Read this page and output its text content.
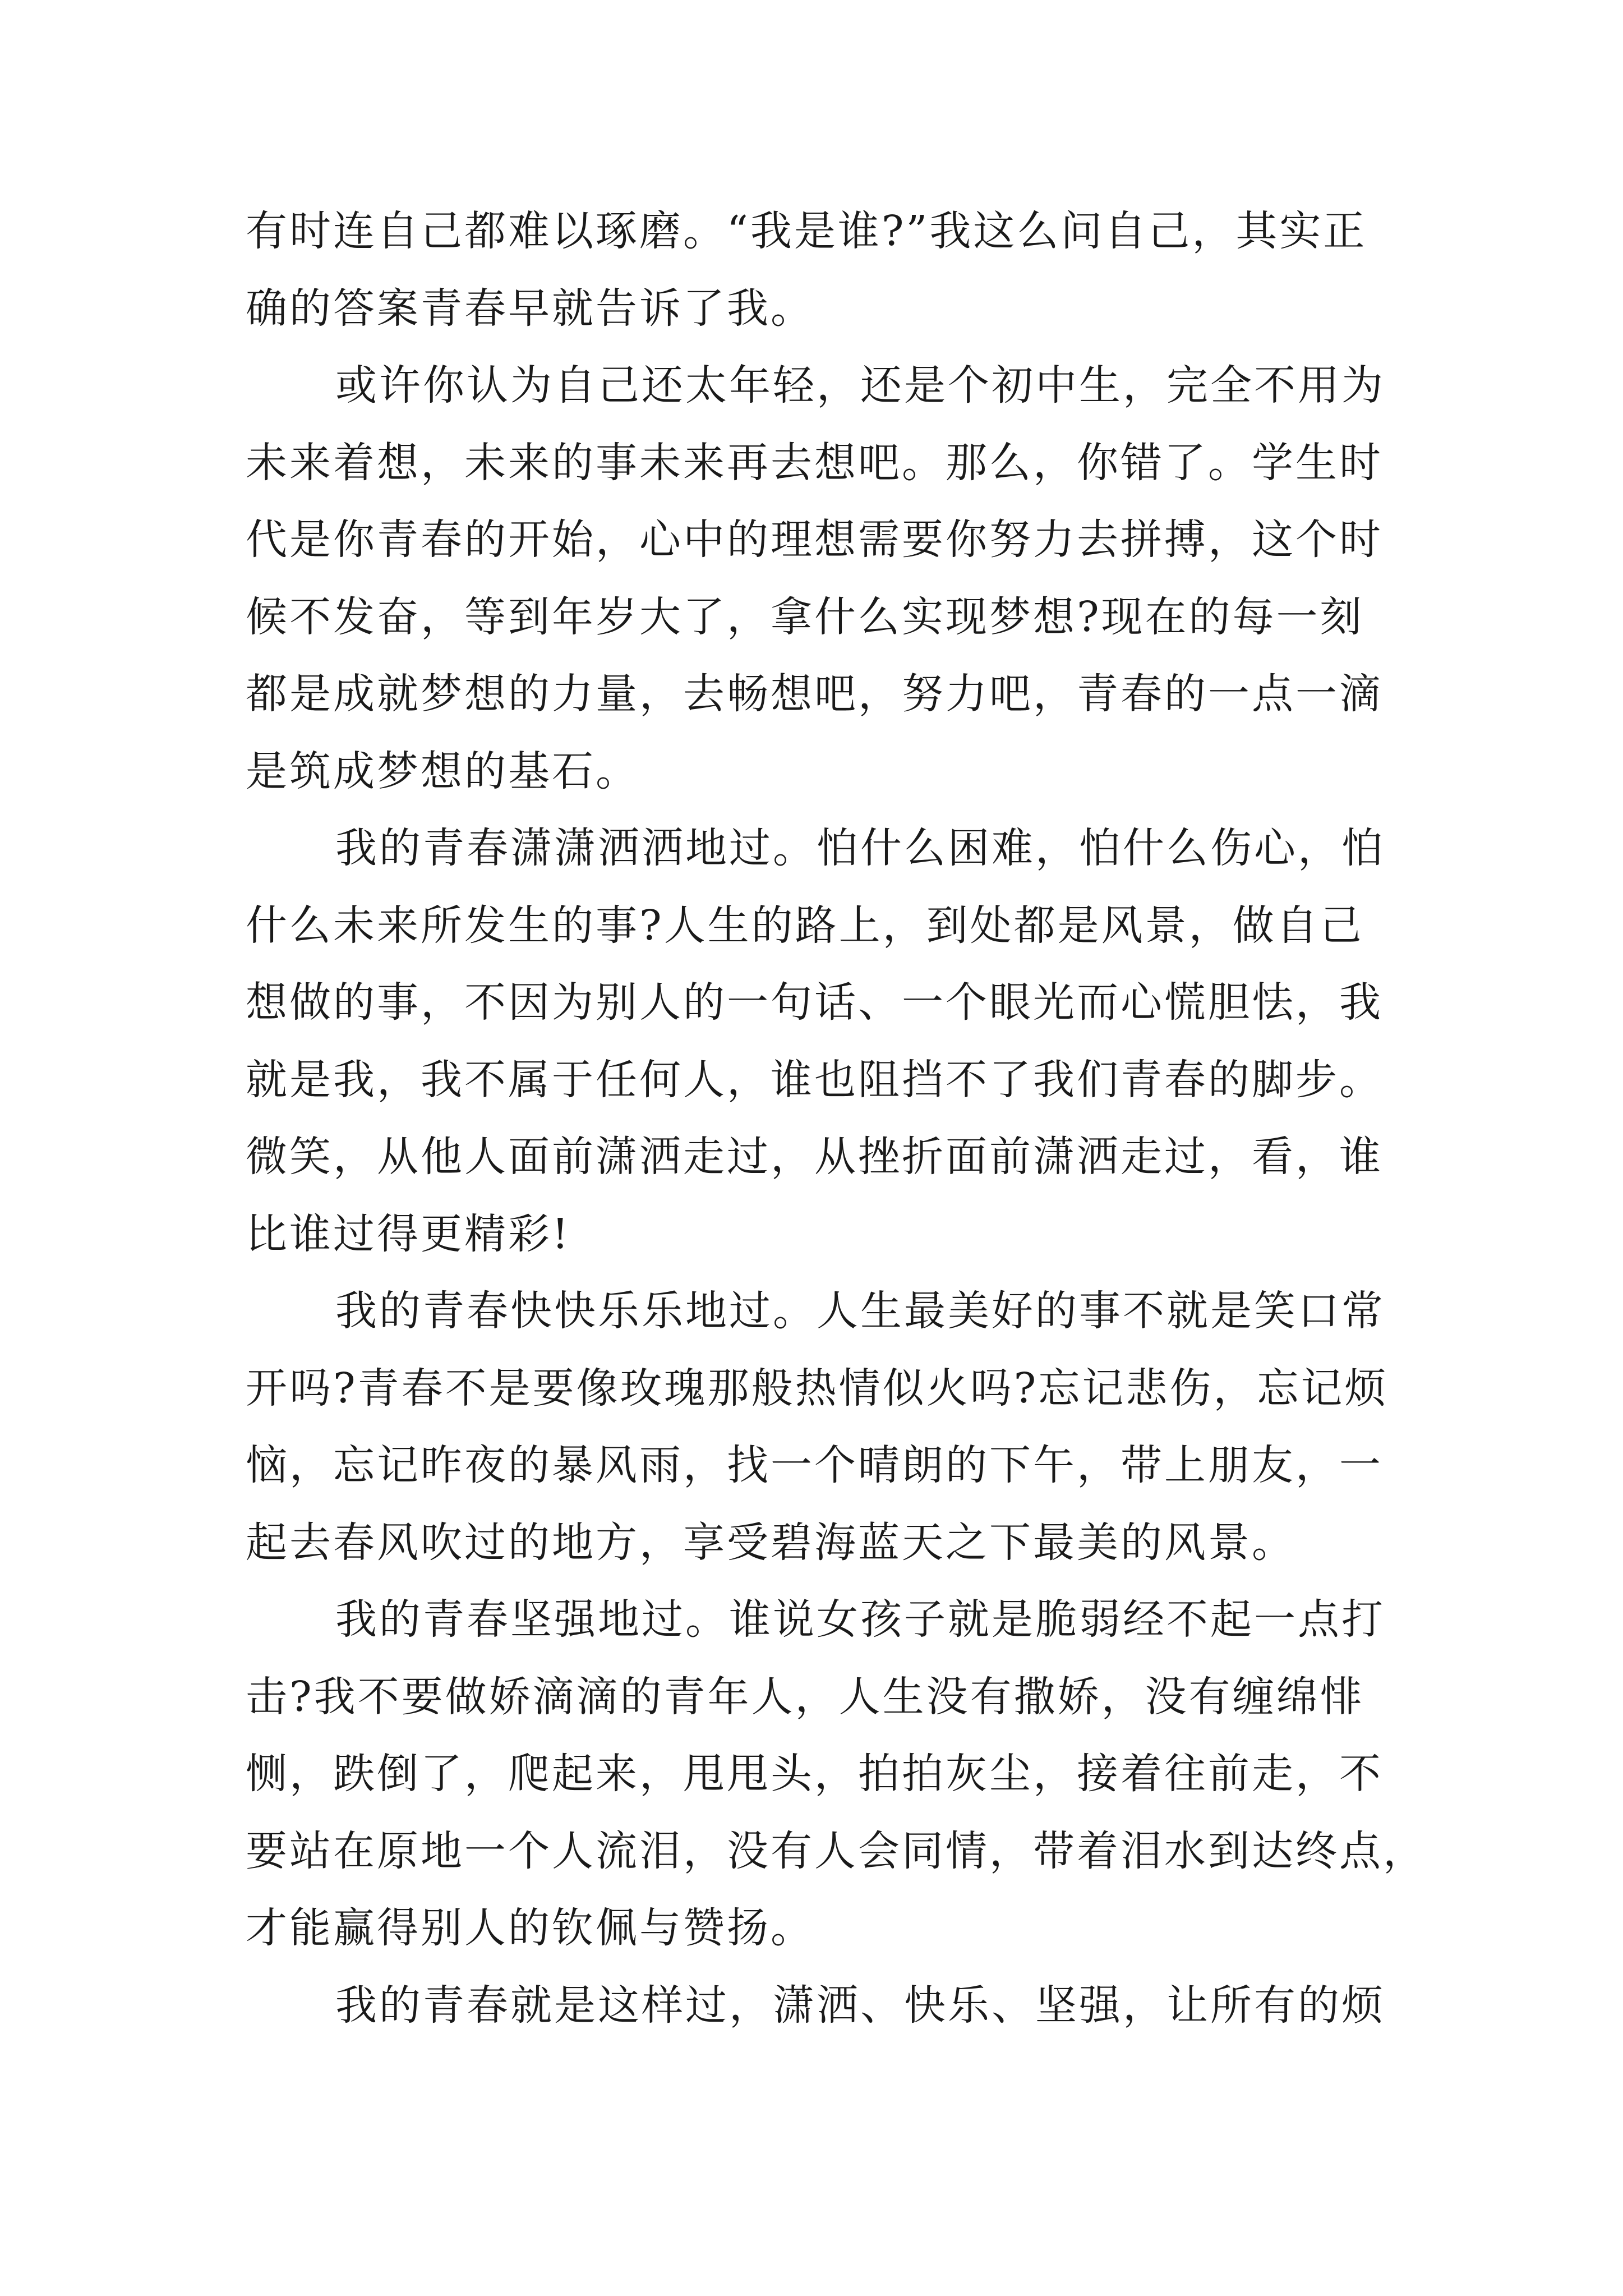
有时连自己都难以琢磨。“我是谁?”我这么问自己，其实正
确的答案青春早就告诉了我。
或许你认为自己还太年轻，还是个初中生，完全不用为
未来着想，未来的事未来再去想吧。那么，你错了。学生时
代是你青春的开始，心中的理想需要你努力去拼搏，这个时
候不发奋，等到年岁大了，拿什么实现梦想?现在的每一刻
都是成就梦想的力量，去畅想吧，努力吧，青春的一点一滴
是筑成梦想的基石。
我的青春潇潇洒洒地过。怕什么困难，怕什么伤心，怕
什么未来所发生的事?人生的路上，到处都是风景，做自己
想做的事，不因为别人的一句话、一个眼光而心慌胆怯，我
就是我，我不属于任何人，谁也阻挡不了我们青春的脚步。
微笑，从他人面前潇洒走过，从挫折面前潇洒走过，看，谁
比谁过得更精彩!
我的青春快快乐乐地过。人生最美好的事不就是笑口常
开吗?青春不是要像玫瑰那般热情似火吗?忘记悲伤，忘记烦
恼，忘记昨夜的暴风雨，找一个晴朗的下午，带上朋友，一
起去春风吹过的地方，享受碧海蓝天之下最美的风景。
我的青春坚强地过。谁说女孩子就是脆弱经不起一点打
击?我不要做娇滴滴的青年人，人生没有撒娇，没有缠绵悱
恻，跌倒了，爬起来，甩甩头，拍拍灰尘，接着往前走，不
要站在原地一个人流泪，没有人会同情，带着泪水到达终点，
才能赢得别人的钦佩与赞扬。
我的青春就是这样过，潇洒、快乐、坚强，让所有的烦
